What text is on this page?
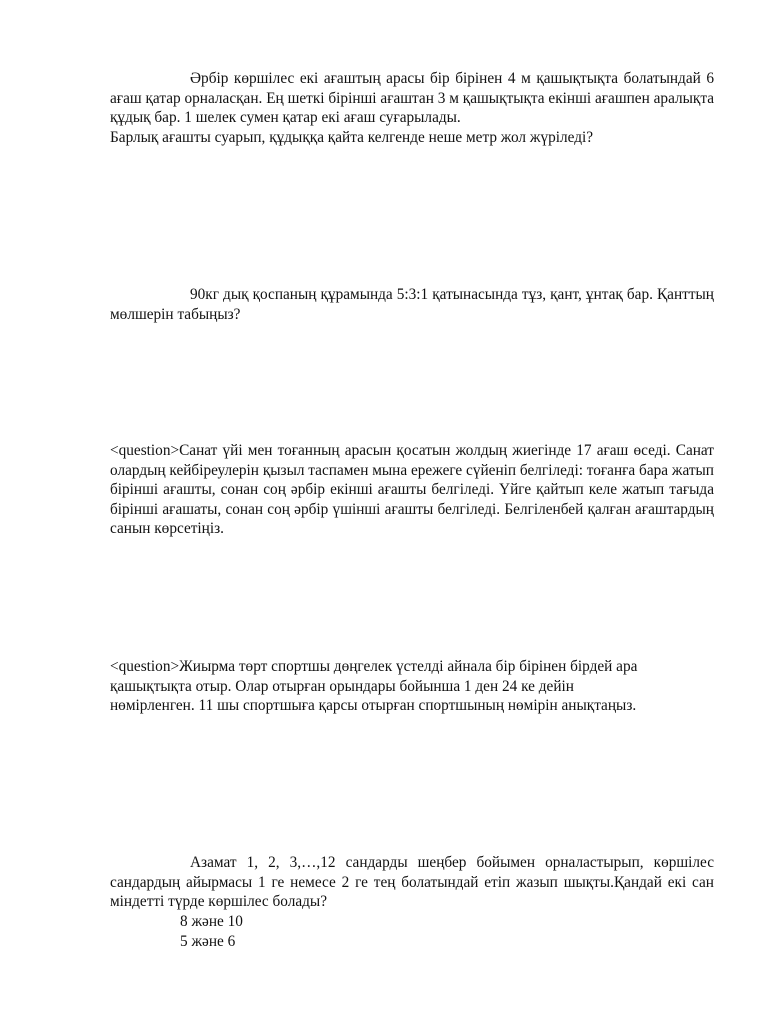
Әрбір көршілес екі ағаштың арасы бір бірінен 4 м қашықтықта болатындай 6 ағаш қатар орналасқан. Ең шеткі бірінші ағаштан 3 м қашықтықта екінші ағашпен аралықта құдық бар. 1 шелек сумен қатар екі ағаш суғарылады.
Барлық ағашты суарып, құдыққа қайта келгенде неше метр жол жүріледі?
90кг дық қоспаның құрамында 5:3:1 қатынасында тұз, қант, ұнтақ бар. Қанттың мөлшерін табыңыз?
<question>Санат үйі мен тоғанның арасын қосатын жолдың жиегінде 17 ағаш өседі. Санат олардың кейбіреулерін қызыл таспамен мына ережеге сүйеніп белгіледі: тоғанға бара жатып бірінші ағашты, сонан соң әрбір екінші ағашты белгіледі. Үйге қайтып келе жатып тағыда бірінші ағашаты, сонан соң әрбір үшінші ағашты белгіледі. Белгіленбей қалған ағаштардың санын көрсетіңіз.
<question>Жиырма төрт спортшы дөңгелек үстелді айнала бір бірінен бірдей ара қашықтықта отыр. Олар отырған орындары бойынша 1 ден 24 ке дейін
нөмірленген. 11 шы спортшыға қарсы отырған спортшының нөмірін анықтаңыз.
Азамат 1, 2, 3,…,12 сандарды шеңбер бойымен орналастырып, көршілес сандардың айырмасы 1 ге немесе 2 ге тең болатындай етіп жазып шықты.Қандай екі сан міндетті түрде көршілес болады?
8 және 10
5 және 6
